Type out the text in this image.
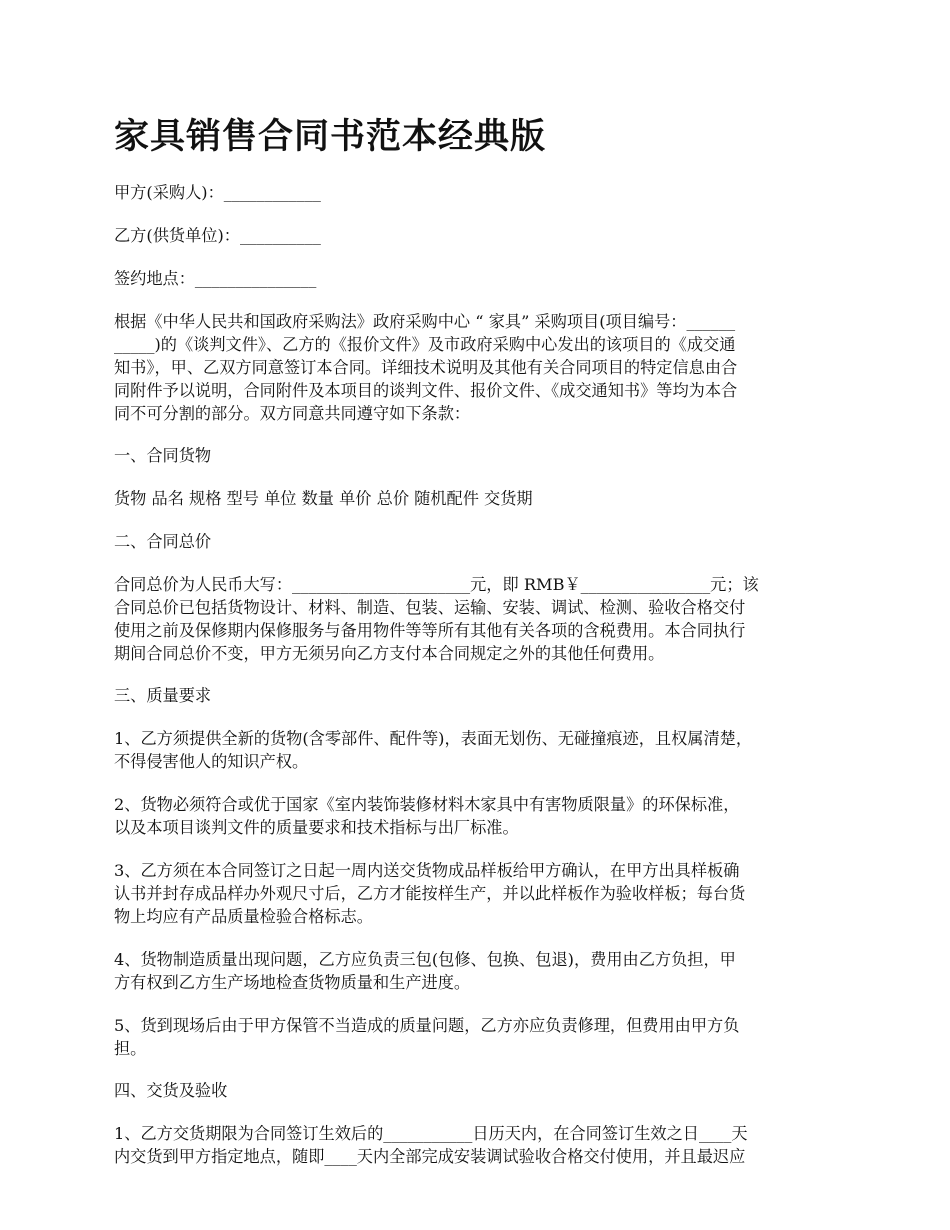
家具销售合同书范本经典版

甲方(采购人)：____________

乙方(供货单位)：__________

签约地点：_______________

根据《中华人民共和国政府采购法》政府采购中心 “ 家具” 采购项目(项目编号：______
_____)的《谈判文件》、乙方的《报价文件》及市政府采购中心发出的该项目的《成交通
知书》，甲、乙双方同意签订本合同。详细技术说明及其他有关合同项目的特定信息由合
同附件予以说明，合同附件及本项目的谈判文件、报价文件、《成交通知书》等均为本合
同不可分割的部分。双方同意共同遵守如下条款：

一、合同货物

货物 品名 规格 型号 单位 数量 单价 总价 随机配件 交货期

二、合同总价

合同总价为人民币大写：______________________元，即 RMB￥________________元；该
合同总价已包括货物设计、材料、制造、包装、运输、安装、调试、检测、验收合格交付
使用之前及保修期内保修服务与备用物件等等所有其他有关各项的含税费用。本合同执行
期间合同总价不变，甲方无须另向乙方支付本合同规定之外的其他任何费用。

三、质量要求

1、乙方须提供全新的货物(含零部件、配件等)，表面无划伤、无碰撞痕迹，且权属清楚，
不得侵害他人的知识产权。
2、货物必须符合或优于国家《室内装饰装修材料木家具中有害物质限量》的环保标准，
以及本项目谈判文件的质量要求和技术指标与出厂标准。
3、乙方须在本合同签订之日起一周内送交货物成品样板给甲方确认，在甲方出具样板确
认书并封存成品样办外观尺寸后，乙方才能按样生产，并以此样板作为验收样板；每台货
物上均应有产品质量检验合格标志。
4、货物制造质量出现问题，乙方应负责三包(包修、包换、包退)，费用由乙方负担，甲
方有权到乙方生产场地检查货物质量和生产进度。
5、货到现场后由于甲方保管不当造成的质量问题，乙方亦应负责修理，但费用由甲方负
担。

四、交货及验收

1、乙方交货期限为合同签订生效后的___________日历天内，在合同签订生效之日____天
内交货到甲方指定地点，随即____天内全部完成安装调试验收合格交付使用，并且最迟应
